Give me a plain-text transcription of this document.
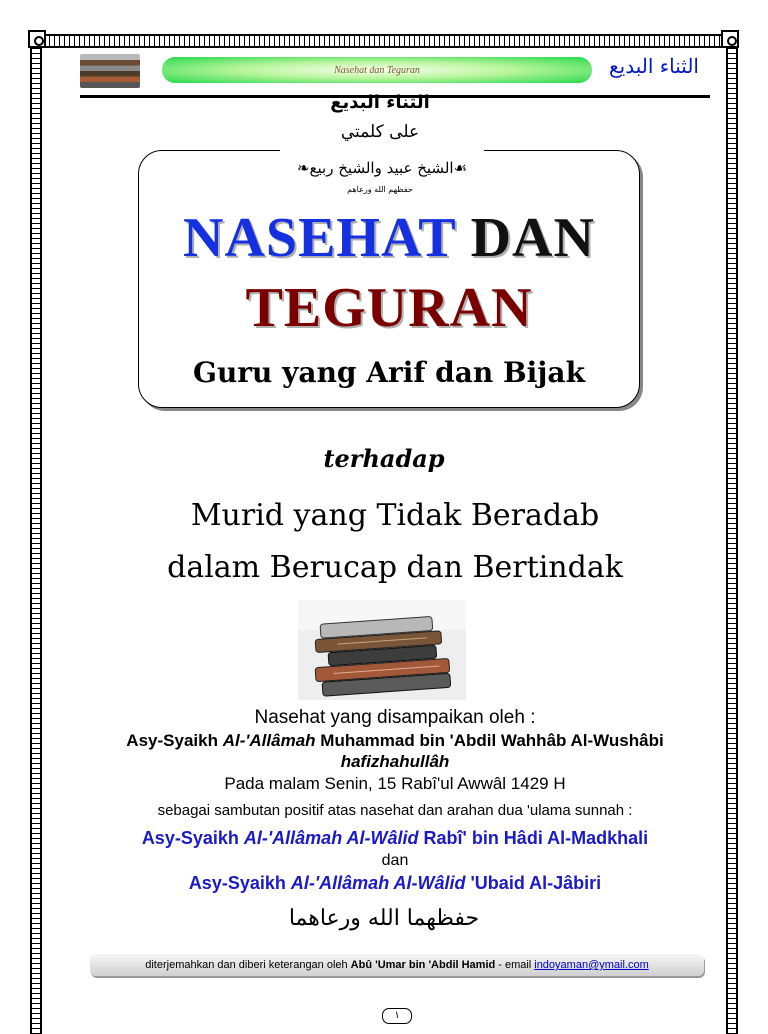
Nasehat dan Teguran	الثناء البديع
الثناء البديع
على كلمتي
❧ الشيخ عبيد والشيخ ربيع ☙
حفظهم الله ورعاهم
NASEHAT DAN
TEGURAN
Guru yang Arif dan Bijak
terhadap
Murid yang Tidak Beradab
dalam Berucap dan Bertindak
Nasehat yang disampaikan oleh :
Asy-Syaikh Al-'Allâmah Muhammad bin 'Abdil Wahhâb Al-Wushâbi
hafizhahullâh
Pada malam Senin, 15 Rabî'ul Awwâl 1429 H
sebagai sambutan positif atas nasehat dan arahan dua 'ulama sunnah :
Asy-Syaikh Al-'Allâmah Al-Wâlid Rabî' bin Hâdi Al-Madkhali
dan
Asy-Syaikh Al-'Allâmah Al-Wâlid 'Ubaid Al-Jâbiri
حفظهما الله ورعاهما
diterjemahkan dan diberi keterangan oleh Abû 'Umar bin 'Abdil Hamid - email indoyaman@ymail.com
١
